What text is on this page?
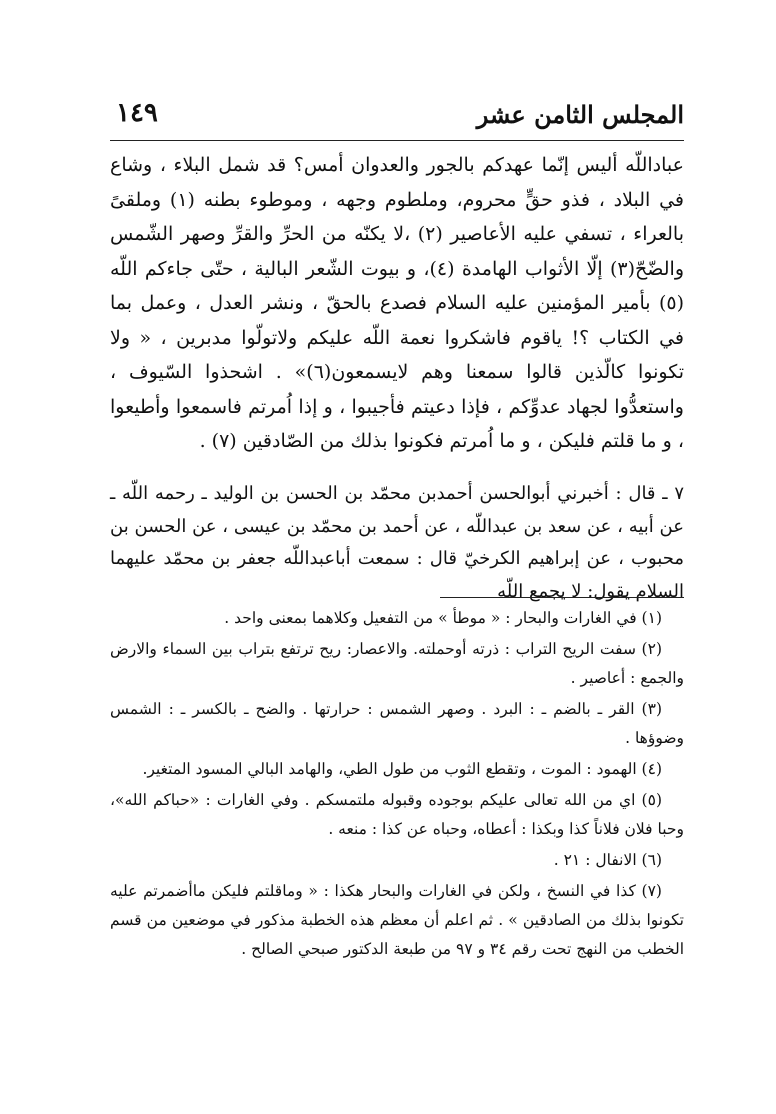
المجلس الثامن عشر
١٤٩

عباداللّه أليس إنّما عهدكم بالجور والعدوان أمس؟ قد شمل البلاء ، وشاع في البلاد ، فذو حقٍّ محروم، وملطوم وجهه ، وموطوء بطنه (١) وملقىً بالعراء ، تسفي عليه الأعاصير (٢) ،لا يكنّه من الحرِّ والقرِّ وصهر الشّمس والضّحّ(٣) إلّا الأثواب الهامدة (٤)، و بيوت الشّعر البالية ، حتّى جاءكم اللّه (٥) بأمير المؤمنين عليه السلام فصدع بالحقّ ، ونشر العدل ، وعمل بما في الكتاب ؟! ياقوم فاشكروا نعمة اللّه عليكم ولاتولّوا مدبرين ، « ولا تكونوا كالّذين قالوا سمعنا وهم لايسمعون(٦)» . اشحذوا السّيوف ، واستعدُّوا لجهاد عدوِّكم ، فإذا دعيتم فأجيبوا ، و إذا اُمرتم فاسمعوا وأطيعوا ، و ما قلتم فليكن ، و ما اُمرتم فكونوا بذلك من الصّادقين (٧) .

٧ ـ قال : أخبرني أبوالحسن أحمدبن محمّد بن الحسن بن الوليد ـ رحمه اللّه ـ عن أبيه ، عن سعد بن عبداللّه ، عن أحمد بن محمّد بن عيسى ، عن الحسن بن محبوب ، عن إبراهيم الكرخيّ قال : سمعت أباعبداللّه جعفر بن محمّد عليهما السلام يقول: لا يجمع اللّه

(١) في الغارات والبحار : « موطأ » من التفعيل وكلاهما بمعنى واحد .

(٢) سفت الريح التراب : ذرته أوحملته. والاعصار: ريح ترتفع بتراب بين السماء والارض والجمع : أعاصير .

(٣) القر ـ بالضم ـ : البرد . وصهر الشمس : حرارتها . والضح ـ بالكسر ـ : الشمس وضوؤها .

(٤) الهمود : الموت ، وتقطع الثوب من طول الطي، والهامد البالي المسود المتغير.

(٥) اي من الله تعالى عليكم بوجوده وقبوله ملتمسكم . وفي الغارات : «حباكم الله»، وحبا فلان فلاناً كذا وبكذا : أعطاه، وحباه عن كذا : منعه .

(٦) الانفال : ٢١ .

(٧) كذا في النسخ ، ولكن في الغارات والبحار هكذا : « وماقلتم فليكن ماأضمرتم عليه تكونوا بذلك من الصادقين » . ثم اعلم أن معظم هذه الخطبة مذكور في موضعين من قسم الخطب من النهج تحت رقم ٣٤ و ٩٧ من طبعة الدكتور صبحي الصالح .
